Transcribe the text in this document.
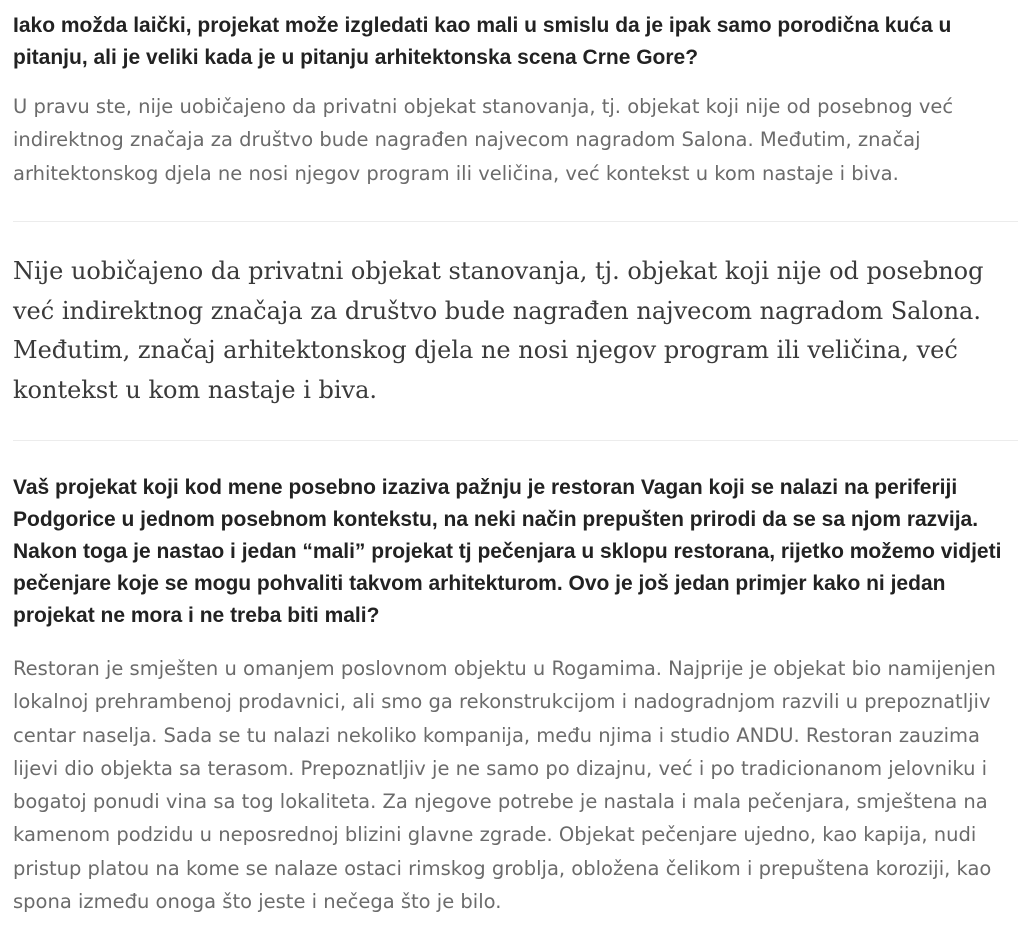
Iako možda laički, projekat može izgledati kao mali u smislu da je ipak samo porodična kuća u pitanju, ali je veliki kada je u pitanju arhitektonska scena Crne Gore?

U pravu ste, nije uobičajeno da privatni objekat stanovanja, tj. objekat koji nije od posebnog već indirektnog značaja za društvo bude nagrađen najvecom nagradom Salona. Međutim, značaj arhitektonskog djela ne nosi njegov program ili veličina, već kontekst u kom nastaje i biva.

Nije uobičajeno da privatni objekat stanovanja, tj. objekat koji nije od posebnog već indirektnog značaja za društvo bude nagrađen najvecom nagradom Salona. Međutim, značaj arhitektonskog djela ne nosi njegov program ili veličina, već kontekst u kom nastaje i biva.

Vaš projekat koji kod mene posebno izaziva pažnju je restoran Vagan koji se nalazi na periferiji Podgorice u jednom posebnom kontekstu, na neki način prepušten prirodi da se sa njom razvija. Nakon toga je nastao i jedan “mali” projekat tj pečenjara u sklopu restorana, rijetko možemo vidjeti pečenjare koje se mogu pohvaliti takvom arhitekturom. Ovo je još jedan primjer kako ni jedan projekat ne mora i ne treba biti mali?

Restoran je smješten u omanjem poslovnom objektu u Rogamima. Najprije je objekat bio namijenjen lokalnoj prehrambenoj prodavnici, ali smo ga rekonstrukcijom i nadogradnjom razvili u prepoznatljiv centar naselja. Sada se tu nalazi nekoliko kompanija, među njima i studio ANDU. Restoran zauzima lijevi dio objekta sa terasom. Prepoznatljiv je ne samo po dizajnu, već i po tradicionanom jelovniku i bogatoj ponudi vina sa tog lokaliteta. Za njegove potrebe je nastala i mala pečenjara, smještena na kamenom podzidu u neposrednoj blizini glavne zgrade. Objekat pečenjare ujedno, kao kapija, nudi pristup platou na kome se nalaze ostaci rimskog groblja, obložena čelikom i prepuštena koroziji, kao spona između onoga što jeste i nečega što je bilo.
